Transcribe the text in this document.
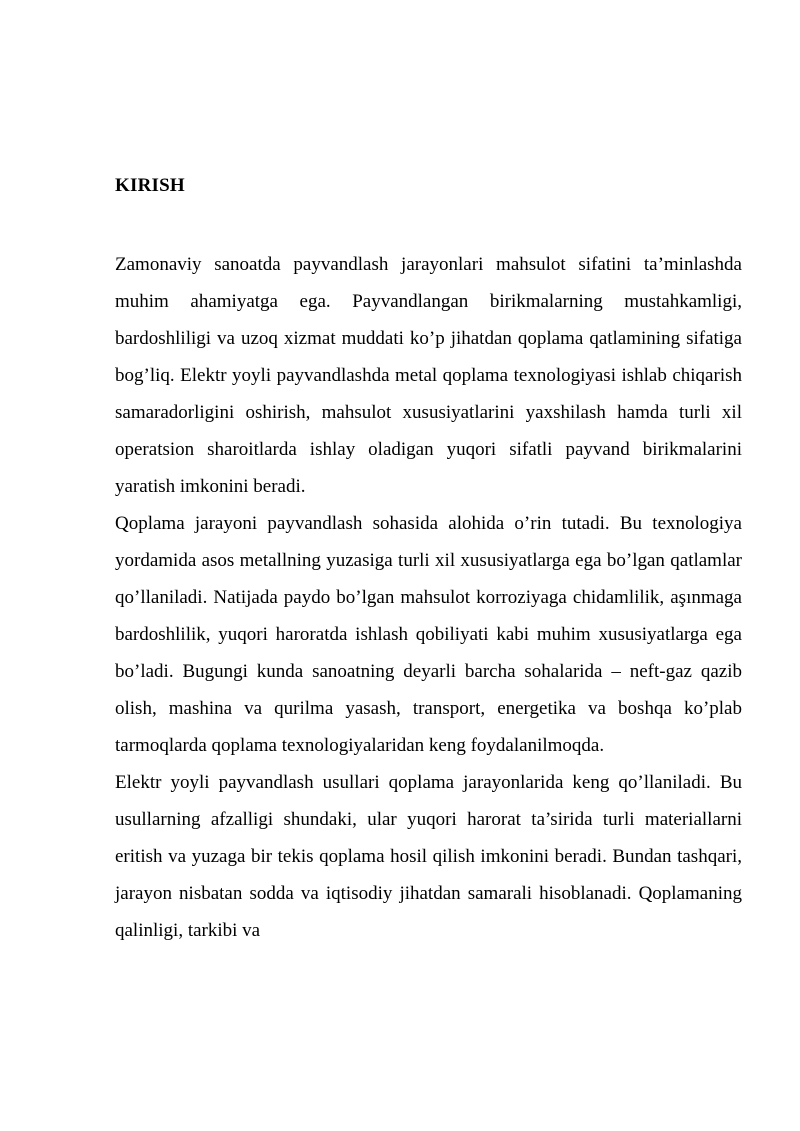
KIRISH

Zamonaviy sanoatda payvandlash jarayonlari mahsulot sifatini ta’minlashda muhim ahamiyatga ega. Payvandlangan birikmalarning mustahkamligi, bardoshliligi va uzoq xizmat muddati ko’p jihatdan qoplama qatlamining sifatiga bog’liq. Elektr yoyli payvandlashda metal qoplama texnologiyasi ishlab chiqarish samaradorligini oshirish, mahsulot xususiyatlarini yaxshilash hamda turli xil operatsion sharoitlarda ishlay oladigan yuqori sifatli payvand birikmalarini yaratish imkonini beradi.

Qoplama jarayoni payvandlash sohasida alohida o’rin tutadi. Bu texnologiya yordamida asos metallning yuzasiga turli xil xususiyatlarga ega bo’lgan qatlamlar qo’llaniladi. Natijada paydo bo’lgan mahsulot korroziyaga chidamlilik, aşınmaga bardoshlilik, yuqori haroratda ishlash qobiliyati kabi muhim xususiyatlarga ega bo’ladi. Bugungi kunda sanoatning deyarli barcha sohalarida – neft-gaz qazib olish, mashina va qurilma yasash, transport, energetika va boshqa ko’plab tarmoqlarda qoplama texnologiyalaridan keng foydalanilmoqda.

Elektr yoyli payvandlash usullari qoplama jarayonlarida keng qo’llaniladi. Bu usullarning afzalligi shundaki, ular yuqori harorat ta’sirida turli materiallarni eritish va yuzaga bir tekis qoplama hosil qilish imkonini beradi. Bundan tashqari, jarayon nisbatan sodda va iqtisodiy jihatdan samarali hisoblanadi. Qoplamaning qalinligi, tarkibi va
